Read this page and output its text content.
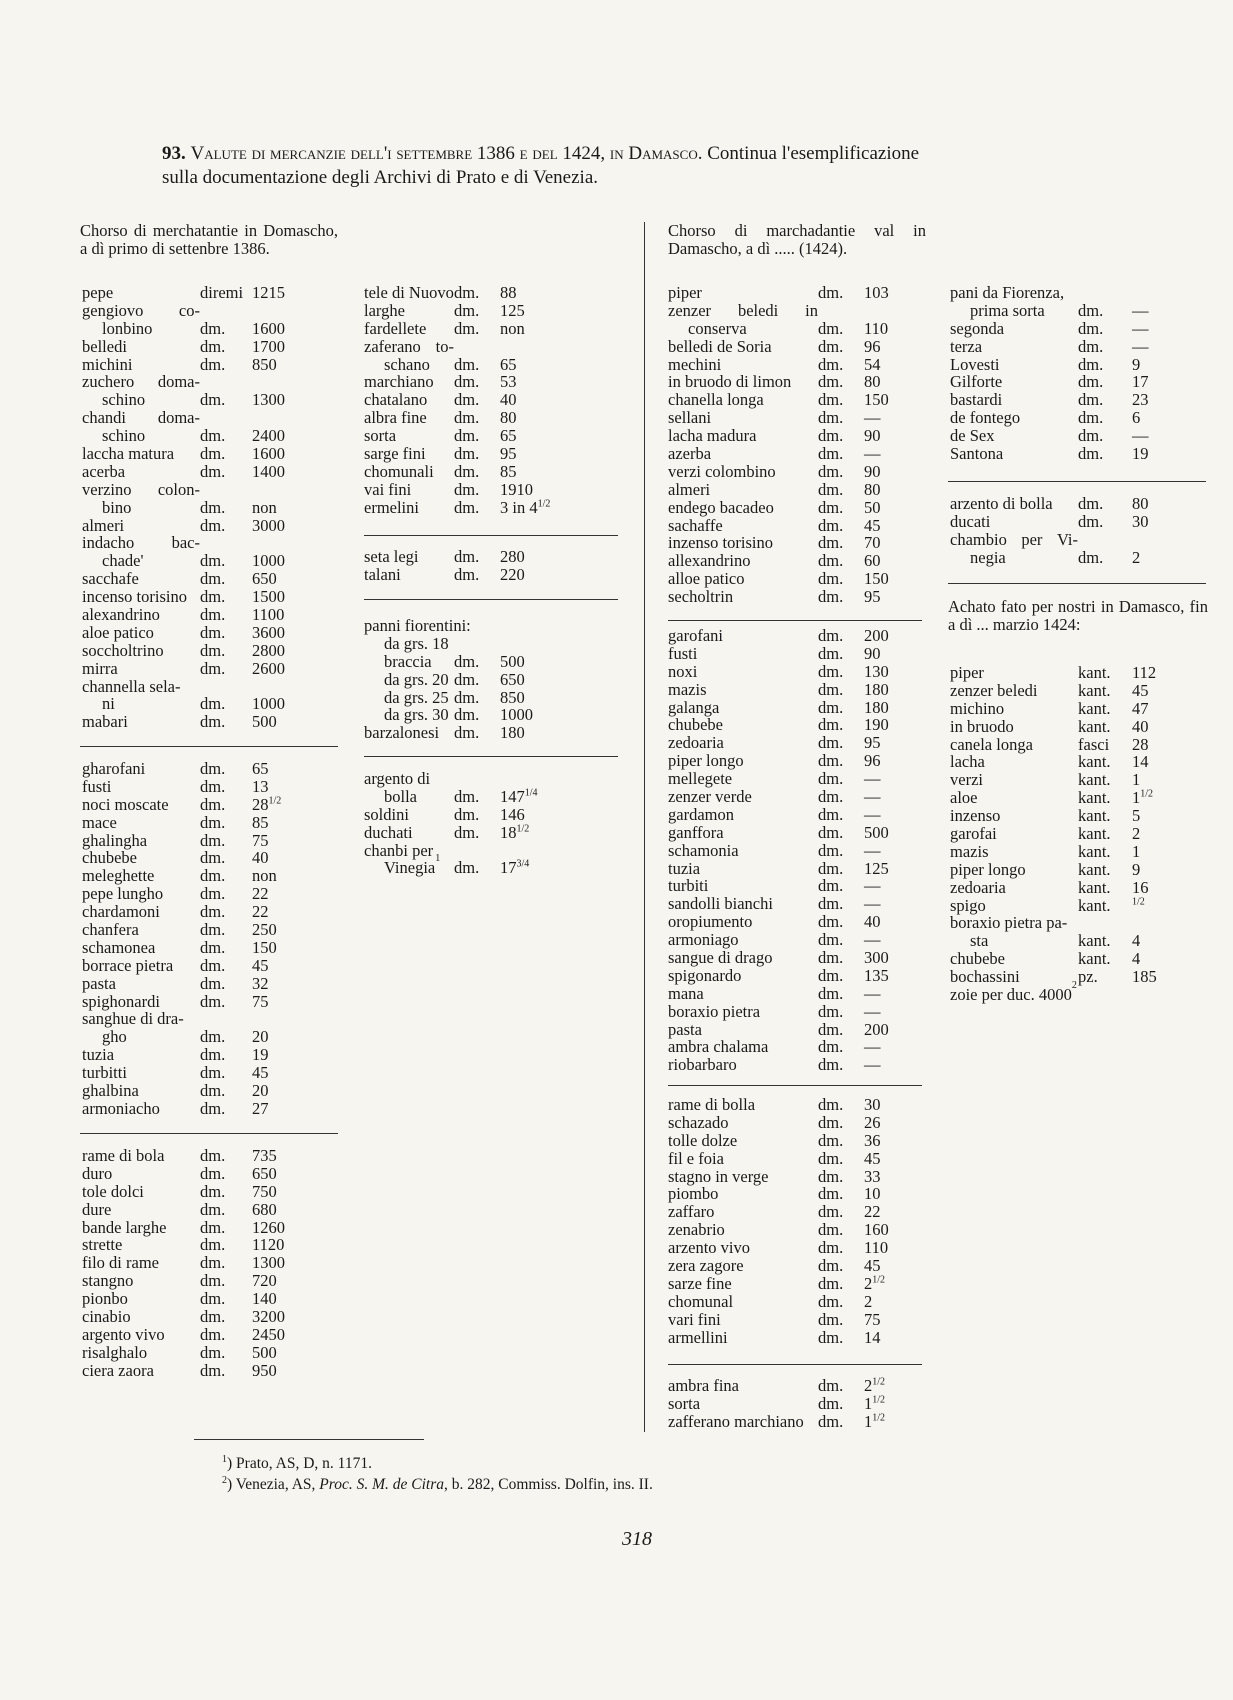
93. Valute di mercanzie dell'i settembre 1386 e del 1424, in Damasco. Continua l'esemplificazione
sulla documentazione degli Archivi di Prato e di Venezia.
Chorso di merchatantie in Domascho, a dì primo di settenbre 1386.
Chorso di marchadantie val in Damascho, a dì ..... (1424).
Achato fato per nostri in Damasco, fin a dì ... marzio 1424:
pepe	diremi 1215
gengiovo co-
lonbino	dm.	1600
belledi	dm.	1700
michini	dm.	850
zuchero doma-
schino	dm.	1300
chandi doma-
schino	dm.	2400
laccha matura	dm.	1600
acerba	dm.	1400
verzino colon-
bino	dm.	non
almeri	dm.	3000
indacho bac-
chade'	dm.	1000
sacchafe	dm.	650
incenso torisino dm.	1500
alexandrino	dm.	1100
aloe patico	dm.	3600
soccholtrino	dm.	2800
mirra	dm.	2600
channella sela-
ni	dm.	1000
mabari	dm.	500
gharofani	dm.	65
fusti	dm.	13
noci moscate	dm.	$28^{1/2}$
mace	dm.	85
ghalingha	dm.	75
chubebe	dm.	40
meleghette	dm.	non
pepe lungho	dm.	22
chardamoni	dm.	22
chanfera	dm.	250
schamonea	dm.	150
borrace pietra	dm.	45
pasta	dm.	32
spighonardi	dm.	75
sanghue di dra-
gho	dm.	20
tuzia	dm.	19
turbitti	dm.	45
ghalbina	dm.	20
armoniacho	dm.	27
rame di bola	dm.	735
duro	dm.	650
tole dolci	dm.	750
dure	dm.	680
bande larghe	dm.	1260
strette	dm.	1120
filo di rame	dm.	1300
stangno	dm.	720
pionbo	dm.	140
cinabio	dm.	3200
argento vivo	dm.	2450
risalghalo	dm.	500
ciera zaora	dm.	950
tele di Nuovo dm.	88
larghe	dm.	125
fardellete	dm.	non
zaferano to-
schano	dm.	65
marchiano	dm.	53
chatalano	dm.	40
albra fine	dm.	80
sorta	dm.	65
sarge fini	dm.	95
chomunali	dm.	85
vai fini	dm.	1910
ermelini	dm.	3 in $4^{1/2}$
seta legi	dm.	280
talani	dm.	220
panni fiorentini:
da grs. 18
braccia	dm.	500
da grs. 20 dm.	650
da grs. 25 dm.	850
da grs. 30 dm.	1000
barzalonesi dm.	180
argento di
bolla	dm.	$147^{1/4}$
soldini	dm.	146
duchati	dm.	$18^{1/2}$
chanbi per
Vinegia 1 dm.	$17^{3/4}$
piper	dm.	103
zenzer beledi in
conserva	dm.	110
belledi de Soria	dm.	96
mechini	dm.	54
in bruodo di limon	dm.	80
chanella longa	dm.	150
sellani	dm.	—
lacha madura	dm.	90
azerba	dm.	—
verzi colombino	dm.	90
almeri	dm.	80
endego bacadeo	dm.	50
sachaffe	dm.	45
inzenso torisino	dm.	70
allexandrino	dm.	60
alloe patico	dm.	150
secholtrin	dm.	95
garofani	dm.	200
fusti	dm.	90
noxi	dm.	130
mazis	dm.	180
galanga	dm.	180
chubebe	dm.	190
zedoaria	dm.	95
piper longo	dm.	96
mellegete	dm.	—
zenzer verde	dm.	—
gardamon	dm.	—
ganffora	dm.	500
schamonia	dm.	—
tuzia	dm.	125
turbiti	dm.	—
sandolli bianchi	dm.	—
oropiumento	dm.	40
armoniago	dm.	—
sangue di drago	dm.	300
spigonardo	dm.	135
mana	dm.	—
boraxio pietra	dm.	—
pasta	dm.	200
ambra chalama	dm.	—
riobarbaro	dm.	—
rame di bolla	dm.	30
schazado	dm.	26
tolle dolze	dm.	36
fil e foia	dm.	45
stagno in verge	dm.	33
piombo	dm.	10
zaffaro	dm.	22
zenabrio	dm.	160
arzento vivo	dm.	110
zera zagore	dm.	45
sarze fine	dm.	$2^{1/2}$
chomunal	dm.	2
vari fini	dm.	75
armellini	dm.	14
ambra fina	dm.	$2^{1/2}$
sorta	dm.	$1^{1/2}$
zafferano marchiano dm.	$1^{1/2}$
pani da Fiorenza,
prima sorta	dm.	—
segonda	dm.	—
terza	dm.	—
Lovesti	dm.	9
Gilforte	dm.	17
bastardi	dm.	23
de fontego	dm.	6
de Sex	dm.	—
Santona	dm.	19
arzento di bolla	dm.	80
ducati	dm.	30
chambio per Vi-
negia	dm.	2
piper	kant.	112
zenzer beledi	kant.	45
michino	kant.	47
in bruodo	kant.	40
canela longa	fasci	28
lacha	kant.	14
verzi	kant.	1
aloe	kant.	$1^{1/2}$
inzenso	kant.	5
garofai	kant.	2
mazis	kant.	1
piper longo	kant.	9
zedoaria	kant.	16
spigo	kant.	$^{1/2}$
boraxio pietra pa-
sta	kant.	4
chubebe	kant.	4
bochassini	pz.	185
zoie per duc. 4000 2
$^1$) Prato, AS, D, n. 1171.
$^2$) Venezia, AS, Proc. S. M. de Citra, b. 282, Commiss. Dolfin, ins. II.
318
